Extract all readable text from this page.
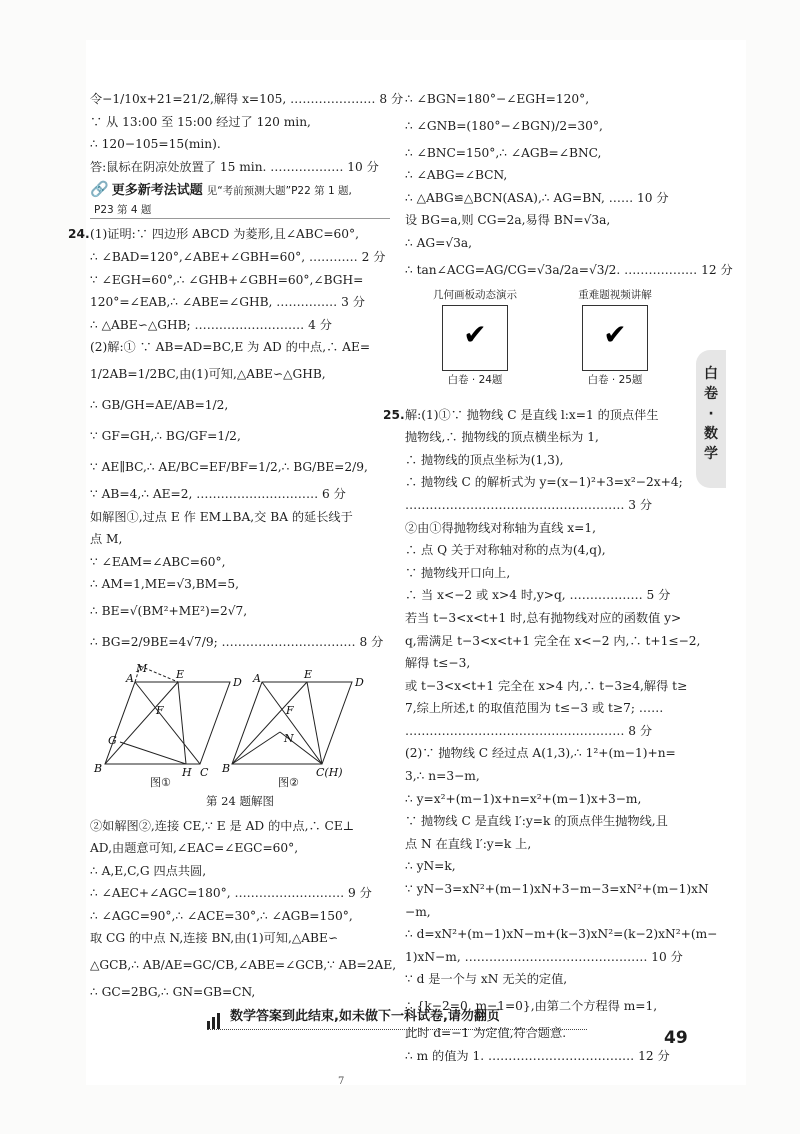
令−1/10x+21=21/2,解得 x=105, ………………… 8 分
∵ 从 13:00 至 15:00 经过了 120 min,
∴ 120−105=15(min).
答:鼠标在阴凉处放置了 15 min. ……………… 10 分
🔗 更多新考法试题 见“考前预测大题”P22 第 1 题,
P23 第 4 题
24.(1)证明:∵ 四边形 ABCD 为菱形,且∠ABC=60°,
∴ ∠BAD=120°,∠ABE+∠GBH=60°, ………… 2 分
∵ ∠EGH=60°,∴ ∠GHB+∠GBH=60°,∠BGH=
120°=∠EAB,∴ ∠ABE=∠GHB, …………… 3 分
∴ △ABE∽△GHB; ……………………… 4 分
(2)解:① ∵ AB=AD=BC,E 为 AD 的中点,∴ AE=
1/2AB=1/2BC,由(1)可知,△ABE∽△GHB,
∴ GB/GH=AE/AB=1/2,
∵ GF=GH,∴ BG/GF=1/2,
∵ AE∥BC,∴ AE/BC=EF/BF=1/2,∴ BG/BE=2/9,
∵ AB=4,∴ AE=2, ………………………… 6 分
如解图①,过点 E 作 EM⊥BA,交 BA 的延长线于
点 M,
∵ ∠EAM=∠ABC=60°,
∴ AM=1,ME=√3,BM=5,
∴ BE=√(BM²+ME²)=2√7,
∴ BG=2/9BE=4√7/9; …………………………… 8 分
M
A	E
D
F
G
B	H C
A	E
D
F
N
B	C(H)
图①	图②
第 24 题解图
②如解图②,连接 CE,∵ E 是 AD 的中点,∴ CE⊥
AD,由题意可知,∠EAC=∠EGC=60°,
∴ A,E,C,G 四点共圆,
∴ ∠AEC+∠AGC=180°, ……………………… 9 分
∴ ∠AGC=90°,∴ ∠ACE=30°,∴ ∠AGB=150°,
取 CG 的中点 N,连接 BN,由(1)可知,△ABE∽
△GCB,∴ AB/AE=GC/CB,∠ABE=∠GCB,∵ AB=2AE,
∴ GC=2BG,∴ GN=GB=CN,
∴ ∠BGN=180°−∠EGH=120°,
∴ ∠GNB=(180°−∠BGN)/2=30°,
∴ ∠BNC=150°,∴ ∠AGB=∠BNC,
∴ ∠ABG=∠BCN,
∴ △ABG≌△BCN(ASA),∴ AG=BN, …… 10 分
设 BG=a,则 CG=2a,易得 BN=√3a,
∴ AG=√3a,
∴ tan∠ACG=AG/CG=√3a/2a=√3/2. ……………… 12 分
几何画板动态演示
✔
白卷 · 24题
重难题视频讲解
✔
白卷 · 25题
25.解:(1)①∵ 抛物线 C 是直线 l:x=1 的顶点伴生
抛物线,∴ 抛物线的顶点横坐标为 1,
∴ 抛物线的顶点坐标为(1,3),
∴ 抛物线 C 的解析式为 y=(x−1)²+3=x²−2x+4;
……………………………………………… 3 分
②由①得抛物线对称轴为直线 x=1,
∴ 点 Q 关于对称轴对称的点为(4,q),
∵ 抛物线开口向上,
∴ 当 x<−2 或 x>4 时,y>q, ……………… 5 分
若当 t−3<x<t+1 时,总有抛物线对应的函数值 y>
q,需满足 t−3<x<t+1 完全在 x<−2 内,∴ t+1≤−2,
解得 t≤−3,
或 t−3<x<t+1 完全在 x>4 内,∴ t−3≥4,解得 t≥
7,综上所述,t 的取值范围为 t≤−3 或 t≥7; ……
……………………………………………… 8 分
(2)∵ 抛物线 C 经过点 A(1,3),∴ 1²+(m−1)+n=
3,∴ n=3−m,
∴ y=x²+(m−1)x+n=x²+(m−1)x+3−m,
∵ 抛物线 C 是直线 l′:y=k 的顶点伴生抛物线,且
点 N 在直线 l′:y=k 上,
∴ yN=k,
∵ yN−3=xN²+(m−1)xN+3−m−3=xN²+(m−1)xN
−m,
∴ d=xN²+(m−1)xN−m+(k−3)xN²=(k−2)xN²+(m−
1)xN−m, ……………………………………… 10 分
∵ d 是一个与 xN 无关的定值,
∴ {k−2=0, m−1=0},由第二个方程得 m=1,
此时 d=−1 为定值,符合题意.
∴ m 的值为 1. ……………………………… 12 分
白
卷
·
数
学
数学答案到此结束,如未做下一科试卷,请勿翻页
49
7
